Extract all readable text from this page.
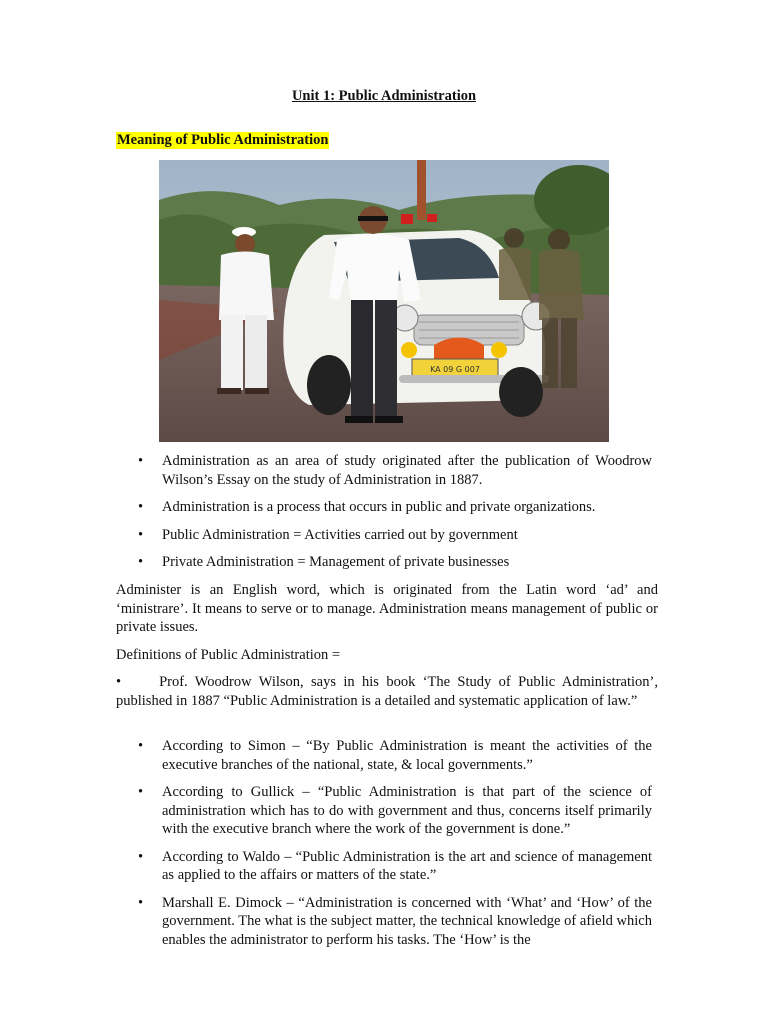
Unit 1: Public Administration
Meaning of Public Administration
KA 09 G 007
• Administration as an area of study originated after the publication of Woodrow Wilson’s Essay on the study of Administration in 1887.
• Administration is a process that occurs in public and private organizations.
• Public Administration = Activities carried out by government
• Private Administration = Management of private businesses
Administer is an English word, which is originated from the Latin word ‘ad’ and ‘ministrare’. It means to serve or to manage. Administration means management of public or private issues.
Definitions of Public Administration =
•	Prof. Woodrow Wilson, says in his book ‘The Study of Public Administration’, published in 1887 “Public Administration is a detailed and systematic application of law.”
• According to Simon – “By Public Administration is meant the activities of the executive branches of the national, state, & local governments.”
• According to Gullick – “Public Administration is that part of the science of administration which has to do with government and thus, concerns itself primarily with the executive branch where the work of the government is done.”
• According to Waldo – “Public Administration is the art and science of management as applied to the affairs or matters of the state.”
• Marshall E. Dimock – “Administration is concerned with ‘What’ and ‘How’ of the government. The what is the subject matter, the technical knowledge of afield which enables the administrator to perform his tasks. The ‘How’ is the
